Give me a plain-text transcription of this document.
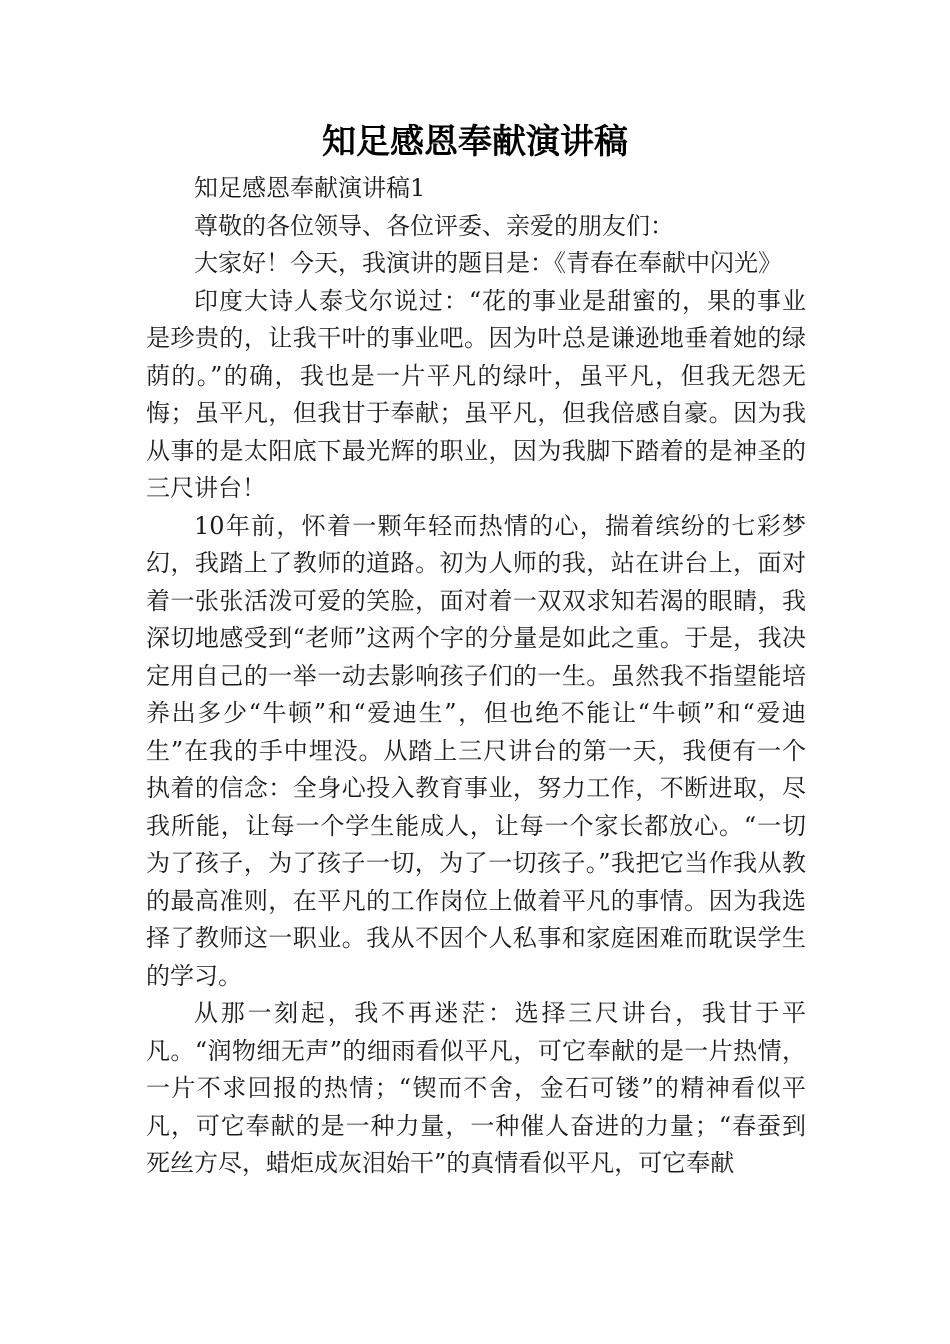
知足感恩奉献演讲稿

知足感恩奉献演讲稿1

尊敬的各位领导、各位评委、亲爱的朋友们：

大家好！今天，我演讲的题目是：《青春在奉献中闪光》

印度大诗人泰戈尔说过：“花的事业是甜蜜的，果的事业是珍贵的，让我干叶的事业吧。因为叶总是谦逊地垂着她的绿荫的。”的确，我也是一片平凡的绿叶，虽平凡，但我无怨无悔；虽平凡，但我甘于奉献；虽平凡，但我倍感自豪。因为我从事的是太阳底下最光辉的职业，因为我脚下踏着的是神圣的三尺讲台！

10年前，怀着一颗年轻而热情的心，揣着缤纷的七彩梦幻，我踏上了教师的道路。初为人师的我，站在讲台上，面对着一张张活泼可爱的笑脸，面对着一双双求知若渴的眼睛，我深切地感受到“老师”这两个字的分量是如此之重。于是，我决定用自己的一举一动去影响孩子们的一生。虽然我不指望能培养出多少“牛顿”和“爱迪生”，但也绝不能让“牛顿”和“爱迪生”在我的手中埋没。从踏上三尺讲台的第一天，我便有一个执着的信念：全身心投入教育事业，努力工作，不断进取，尽我所能，让每一个学生能成人，让每一个家长都放心。“一切为了孩子，为了孩子一切，为了一切孩子。”我把它当作我从教的最高准则，在平凡的工作岗位上做着平凡的事情。因为我选择了教师这一职业。我从不因个人私事和家庭困难而耽误学生的学习。

从那一刻起，我不再迷茫：选择三尺讲台，我甘于平凡。“润物细无声”的细雨看似平凡，可它奉献的是一片热情，一片不求回报的热情；“锲而不舍，金石可镂”的精神看似平凡，可它奉献的是一种力量，一种催人奋进的力量；“春蚕到死丝方尽，蜡炬成灰泪始干”的真情看似平凡，可它奉献
